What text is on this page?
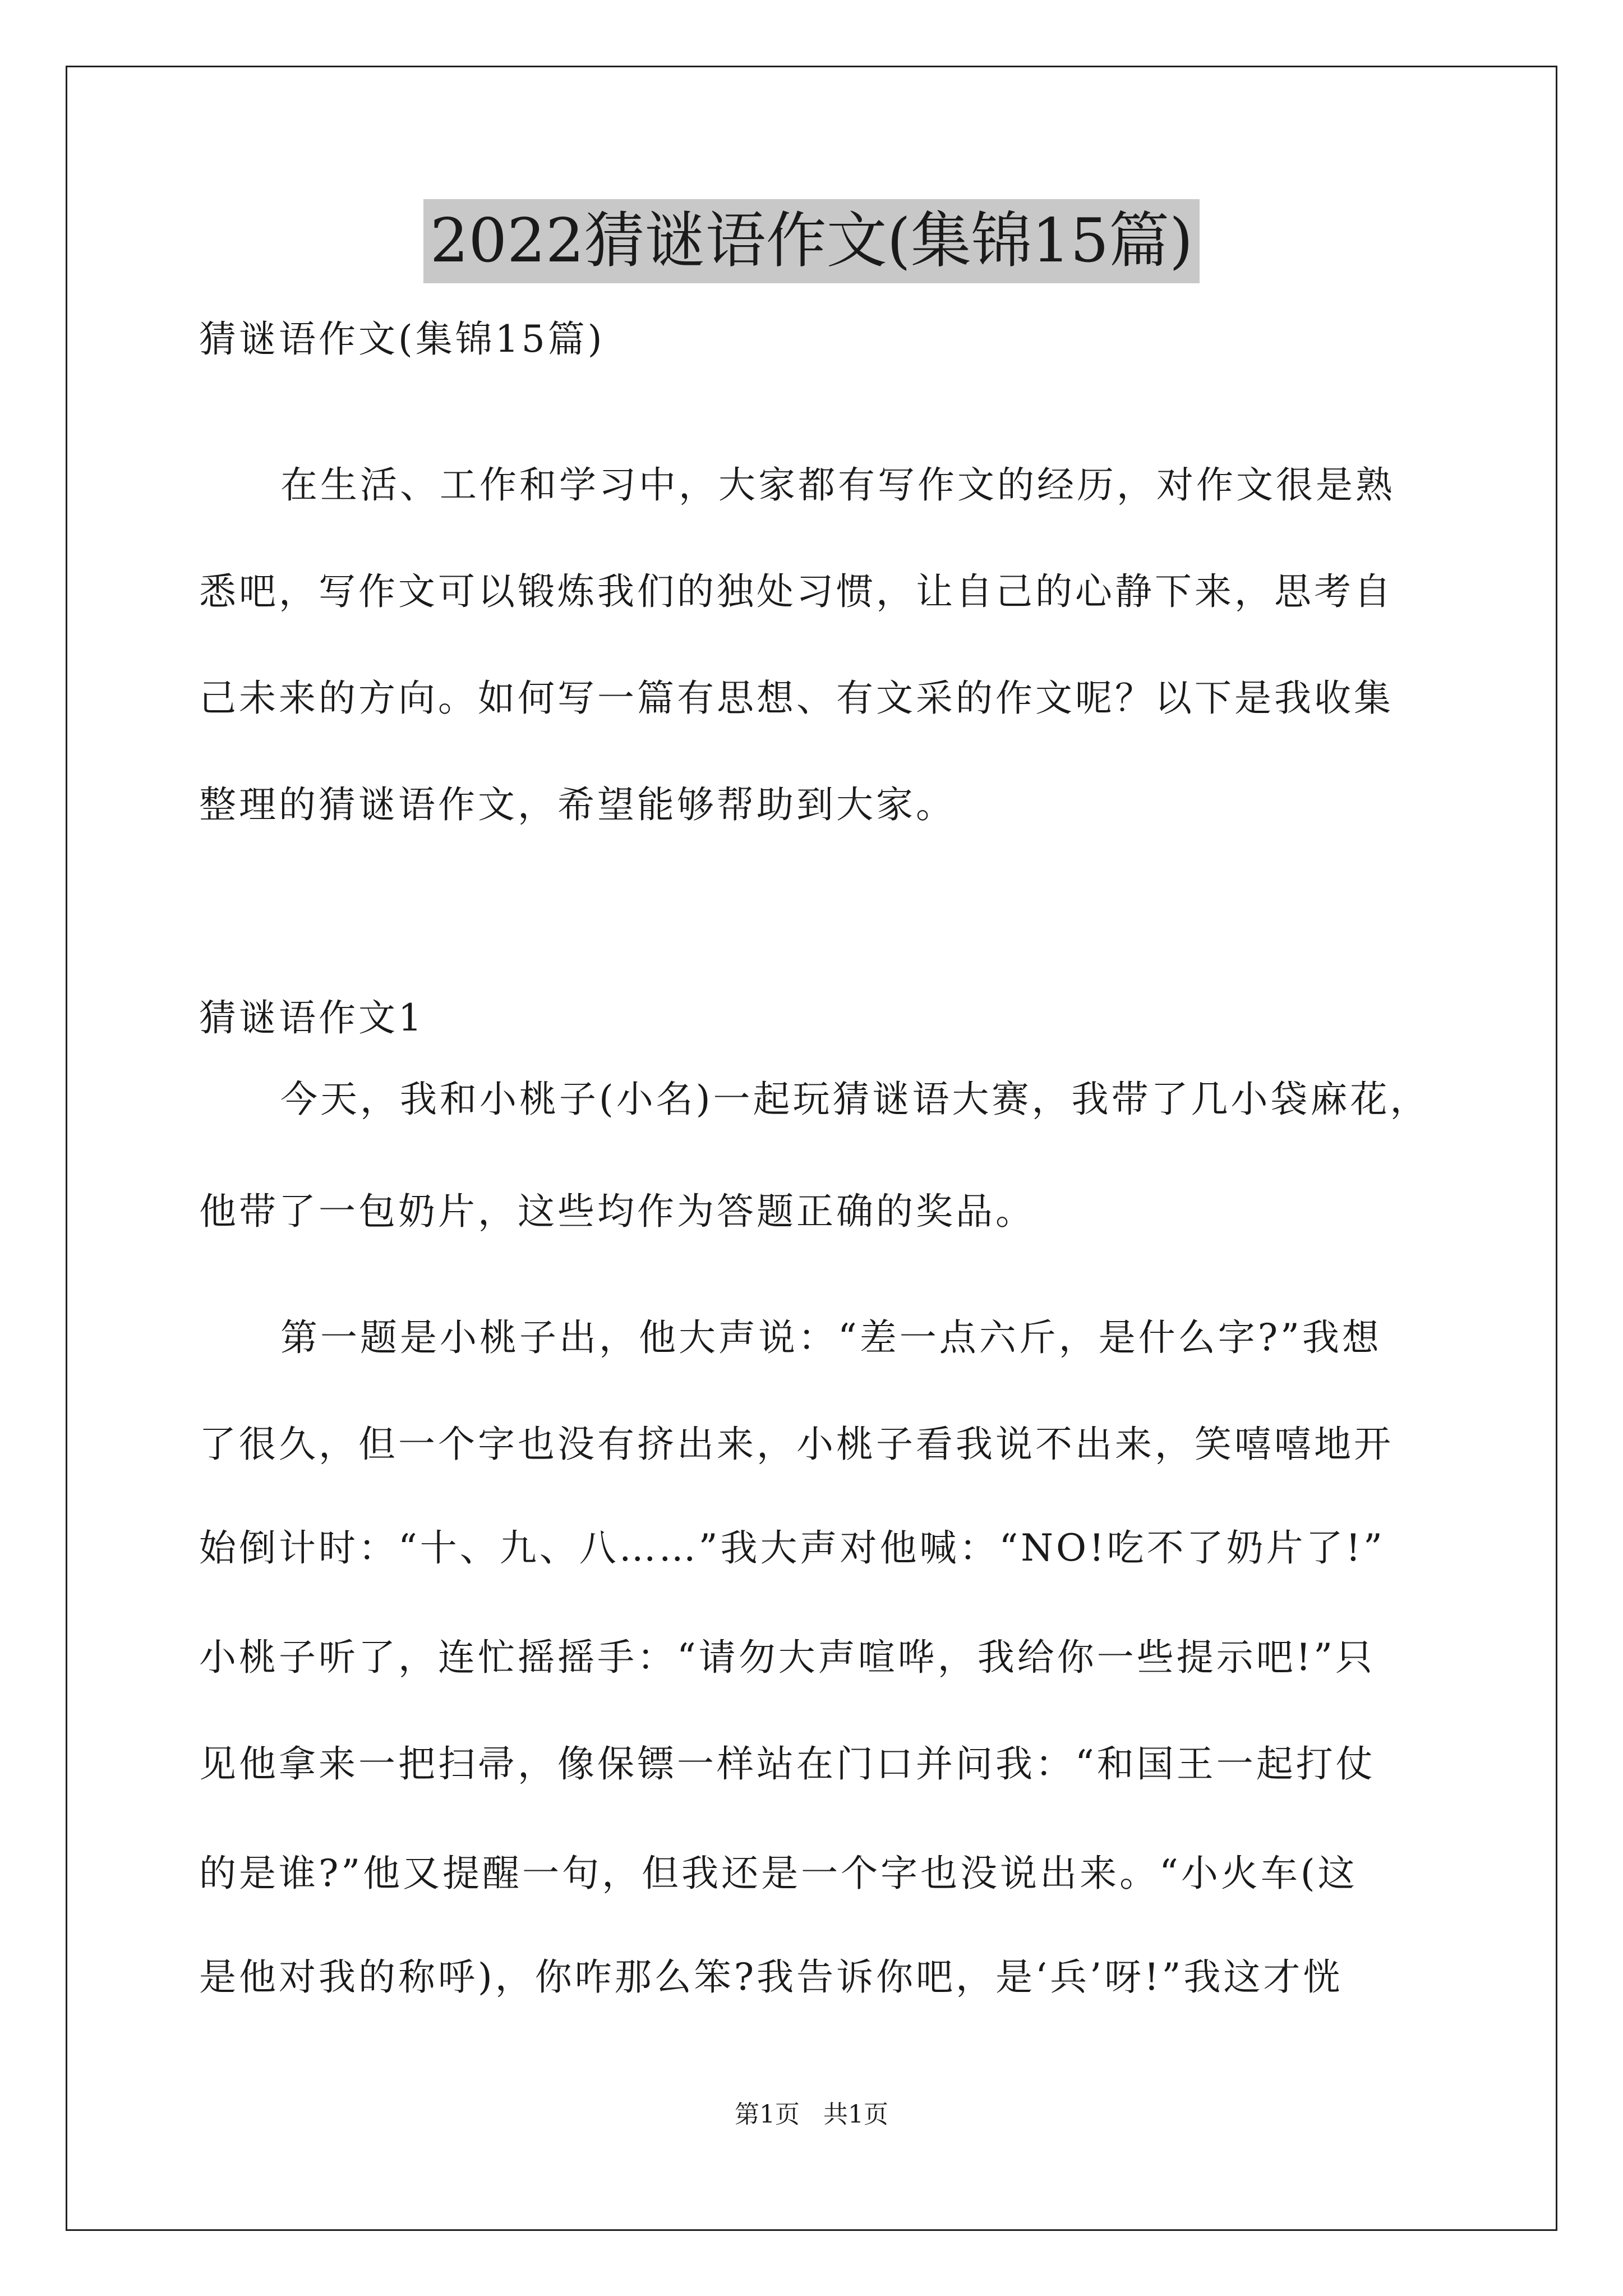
2022猜谜语作文(集锦15篇)
猜谜语作文(集锦15篇)
在生活、工作和学习中，大家都有写作文的经历，对作文很是熟
悉吧，写作文可以锻炼我们的独处习惯，让自己的心静下来，思考自
己未来的方向。如何写一篇有思想、有文采的作文呢？以下是我收集
整理的猜谜语作文，希望能够帮助到大家。
猜谜语作文1
今天，我和小桃子(小名)一起玩猜谜语大赛，我带了几小袋麻花，
他带了一包奶片，这些均作为答题正确的奖品。
第一题是小桃子出，他大声说：“差一点六斤，是什么字?”我想
了很久，但一个字也没有挤出来，小桃子看我说不出来，笑嘻嘻地开
始倒计时：“十、九、八……”我大声对他喊：“NO!吃不了奶片了!”
小桃子听了，连忙摇摇手：“请勿大声喧哗，我给你一些提示吧!”只
见他拿来一把扫帚，像保镖一样站在门口并问我：“和国王一起打仗
的是谁?”他又提醒一句，但我还是一个字也没说出来。“小火车(这
是他对我的称呼)，你咋那么笨?我告诉你吧，是‘兵’呀!”我这才恍
第1页   共1页
